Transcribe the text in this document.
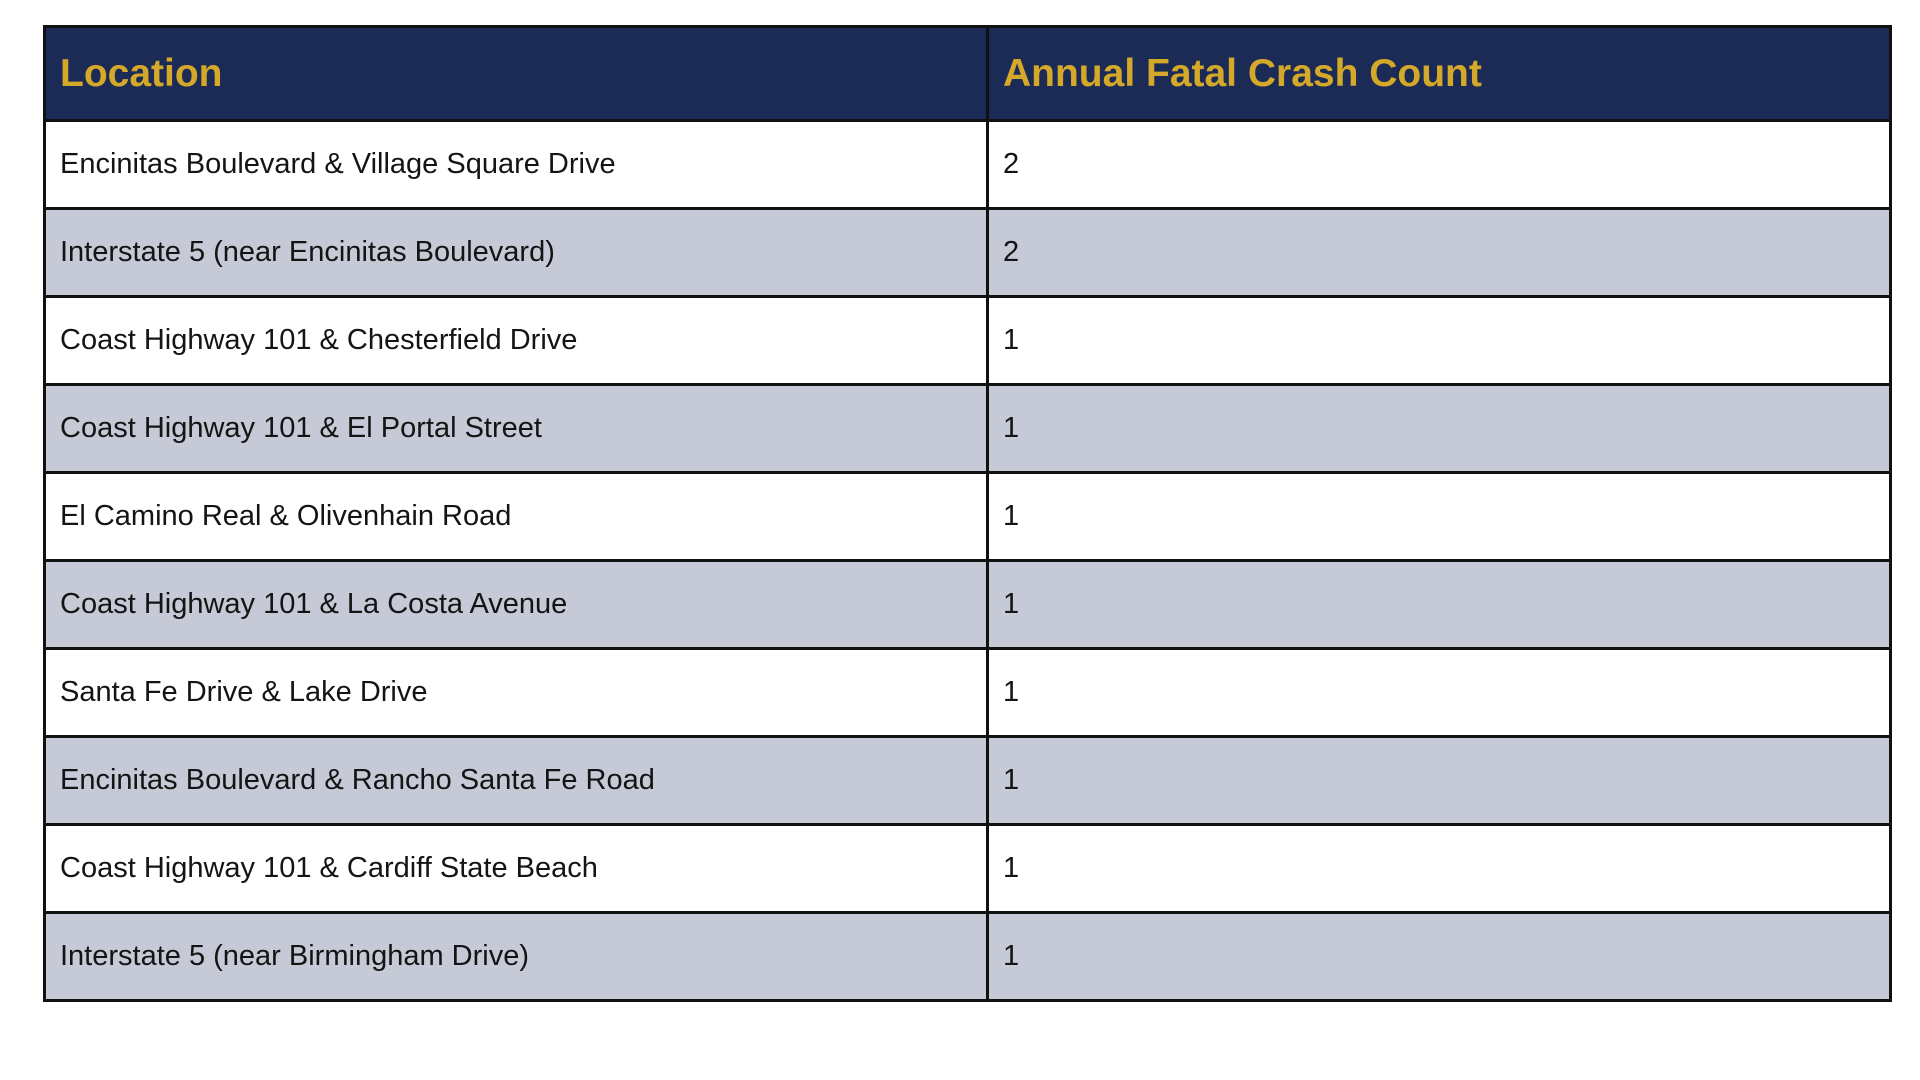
Location	Annual Fatal Crash Count
Encinitas Boulevard & Village Square Drive	2
Interstate 5 (near Encinitas Boulevard)	2
Coast Highway 101 & Chesterfield Drive	1
Coast Highway 101 & El Portal Street	1
El Camino Real & Olivenhain Road	1
Coast Highway 101 & La Costa Avenue	1
Santa Fe Drive & Lake Drive	1
Encinitas Boulevard & Rancho Santa Fe Road	1
Coast Highway 101 & Cardiff State Beach	1
Interstate 5 (near Birmingham Drive)	1
